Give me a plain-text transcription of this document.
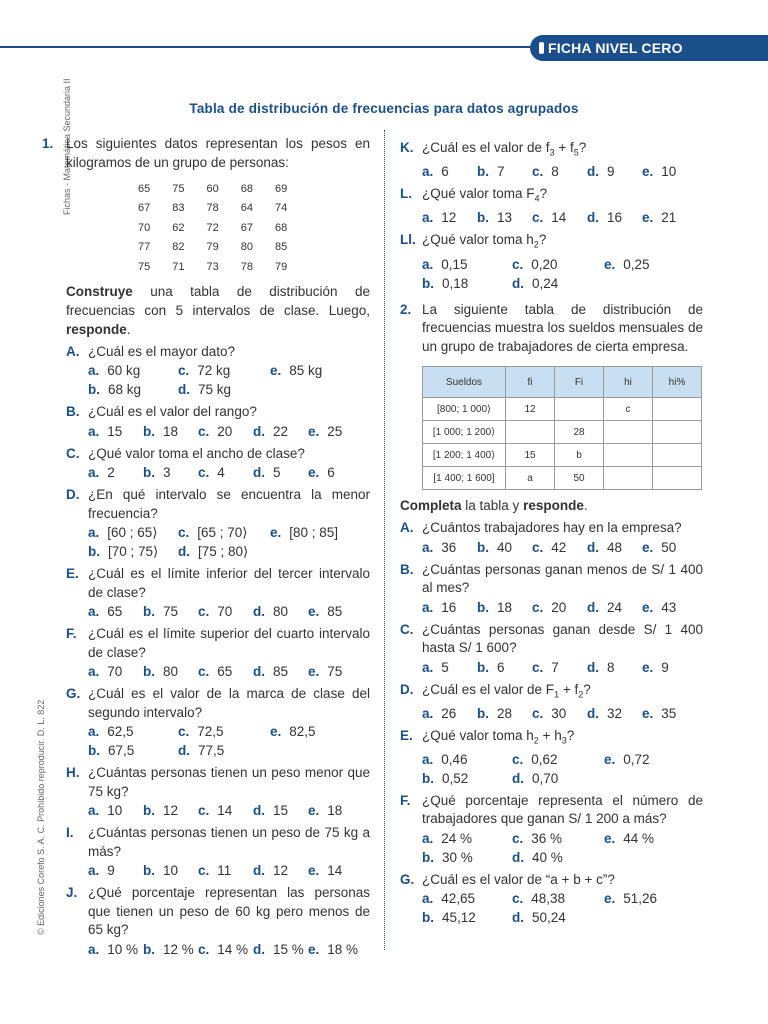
FICHA NIVEL CERO
Fichas - Matemática Secundaria II
© Ediciones Corefo S. A. C. Prohibido reproducir. D. L. 822
Tabla de distribución de frecuencias para datos agrupados
1. Los siguientes datos representan los pesos en kilogramos de un grupo de personas:
65	75	60	68	69
67	83	78	64	74
70	62	72	67	68
77	82	79	80	85
75	71	73	78	79
Construye una tabla de distribución de frecuencias con 5 intervalos de clase. Luego, responde.
A. ¿Cuál es el mayor dato?
a. 60 kg	c. 72 kg	e. 85 kg
b. 68 kg	d. 75 kg
B. ¿Cuál es el valor del rango?
a. 15 b. 18 c. 20 d. 22 e. 25
C. ¿Qué valor toma el ancho de clase?
a. 2 b. 3 c. 4 d. 5 e. 6
D. ¿En qué intervalo se encuentra la menor frecuencia?
a. [60 ; 65⟩ c. [65 ; 70⟩ e. [80 ; 85]
b. [70 ; 75⟩ d. [75 ; 80⟩
E. ¿Cuál es el límite inferior del tercer intervalo de clase?
a. 65 b. 75 c. 70 d. 80 e. 85
F. ¿Cuál es el límite superior del cuarto intervalo de clase?
a. 70 b. 80 c. 65 d. 85 e. 75
G. ¿Cuál es el valor de la marca de clase del segundo intervalo?
a. 62,5	c. 72,5	e. 82,5
b. 67,5	d. 77,5
H. ¿Cuántas personas tienen un peso menor que 75 kg?
a. 10 b. 12 c. 14 d. 15 e. 18
I. ¿Cuántas personas tienen un peso de 75 kg a más?
a. 9 b. 10 c. 11 d. 12 e. 14
J. ¿Qué porcentaje representan las personas que tienen un peso de 60 kg pero menos de 65 kg?
a. 10 % b. 12 % c. 14 % d. 15 % e. 18 %
K. ¿Cuál es el valor de $f_3 + f_5$?
a. 6 b. 7 c. 8 d. 9 e. 10
L. ¿Qué valor toma $F_4$?
a. 12 b. 13 c. 14 d. 16 e. 21
Ll. ¿Qué valor toma $h_2$?
a. 0,15	c. 0,20	e. 0,25
b. 0,18	d. 0,24
2. La siguiente tabla de distribución de frecuencias muestra los sueldos mensuales de un grupo de trabajadores de cierta empresa.
Sueldos	fi	Fi	hi	hi%
[800; 1 000⟩	12		c	
[1 000; 1 200⟩		28		
[1 200; 1 400⟩	15	b		
[1 400; 1 600]	a	50		
Completa la tabla y responde.
A. ¿Cuántos trabajadores hay en la empresa?
a. 36 b. 40 c. 42 d. 48 e. 50
B. ¿Cuántas personas ganan menos de S/ 1 400 al mes?
a. 16 b. 18 c. 20 d. 24 e. 43
C. ¿Cuántas personas ganan desde S/ 1 400 hasta S/ 1 600?
a. 5 b. 6 c. 7 d. 8 e. 9
D. ¿Cuál es el valor de $F_1 + f_2$?
a. 26 b. 28 c. 30 d. 32 e. 35
E. ¿Qué valor toma $h_2 + h_3$?
a. 0,46	c. 0,62	e. 0,72
b. 0,52	d. 0,70
F. ¿Qué porcentaje representa el número de trabajadores que ganan S/ 1 200 a más?
a. 24 %	c. 36 %	e. 44 %
b. 30 %	d. 40 %
G. ¿Cuál es el valor de “a + b + c”?
a. 42,65	c. 48,38	e. 51,26
b. 45,12	d. 50,24
